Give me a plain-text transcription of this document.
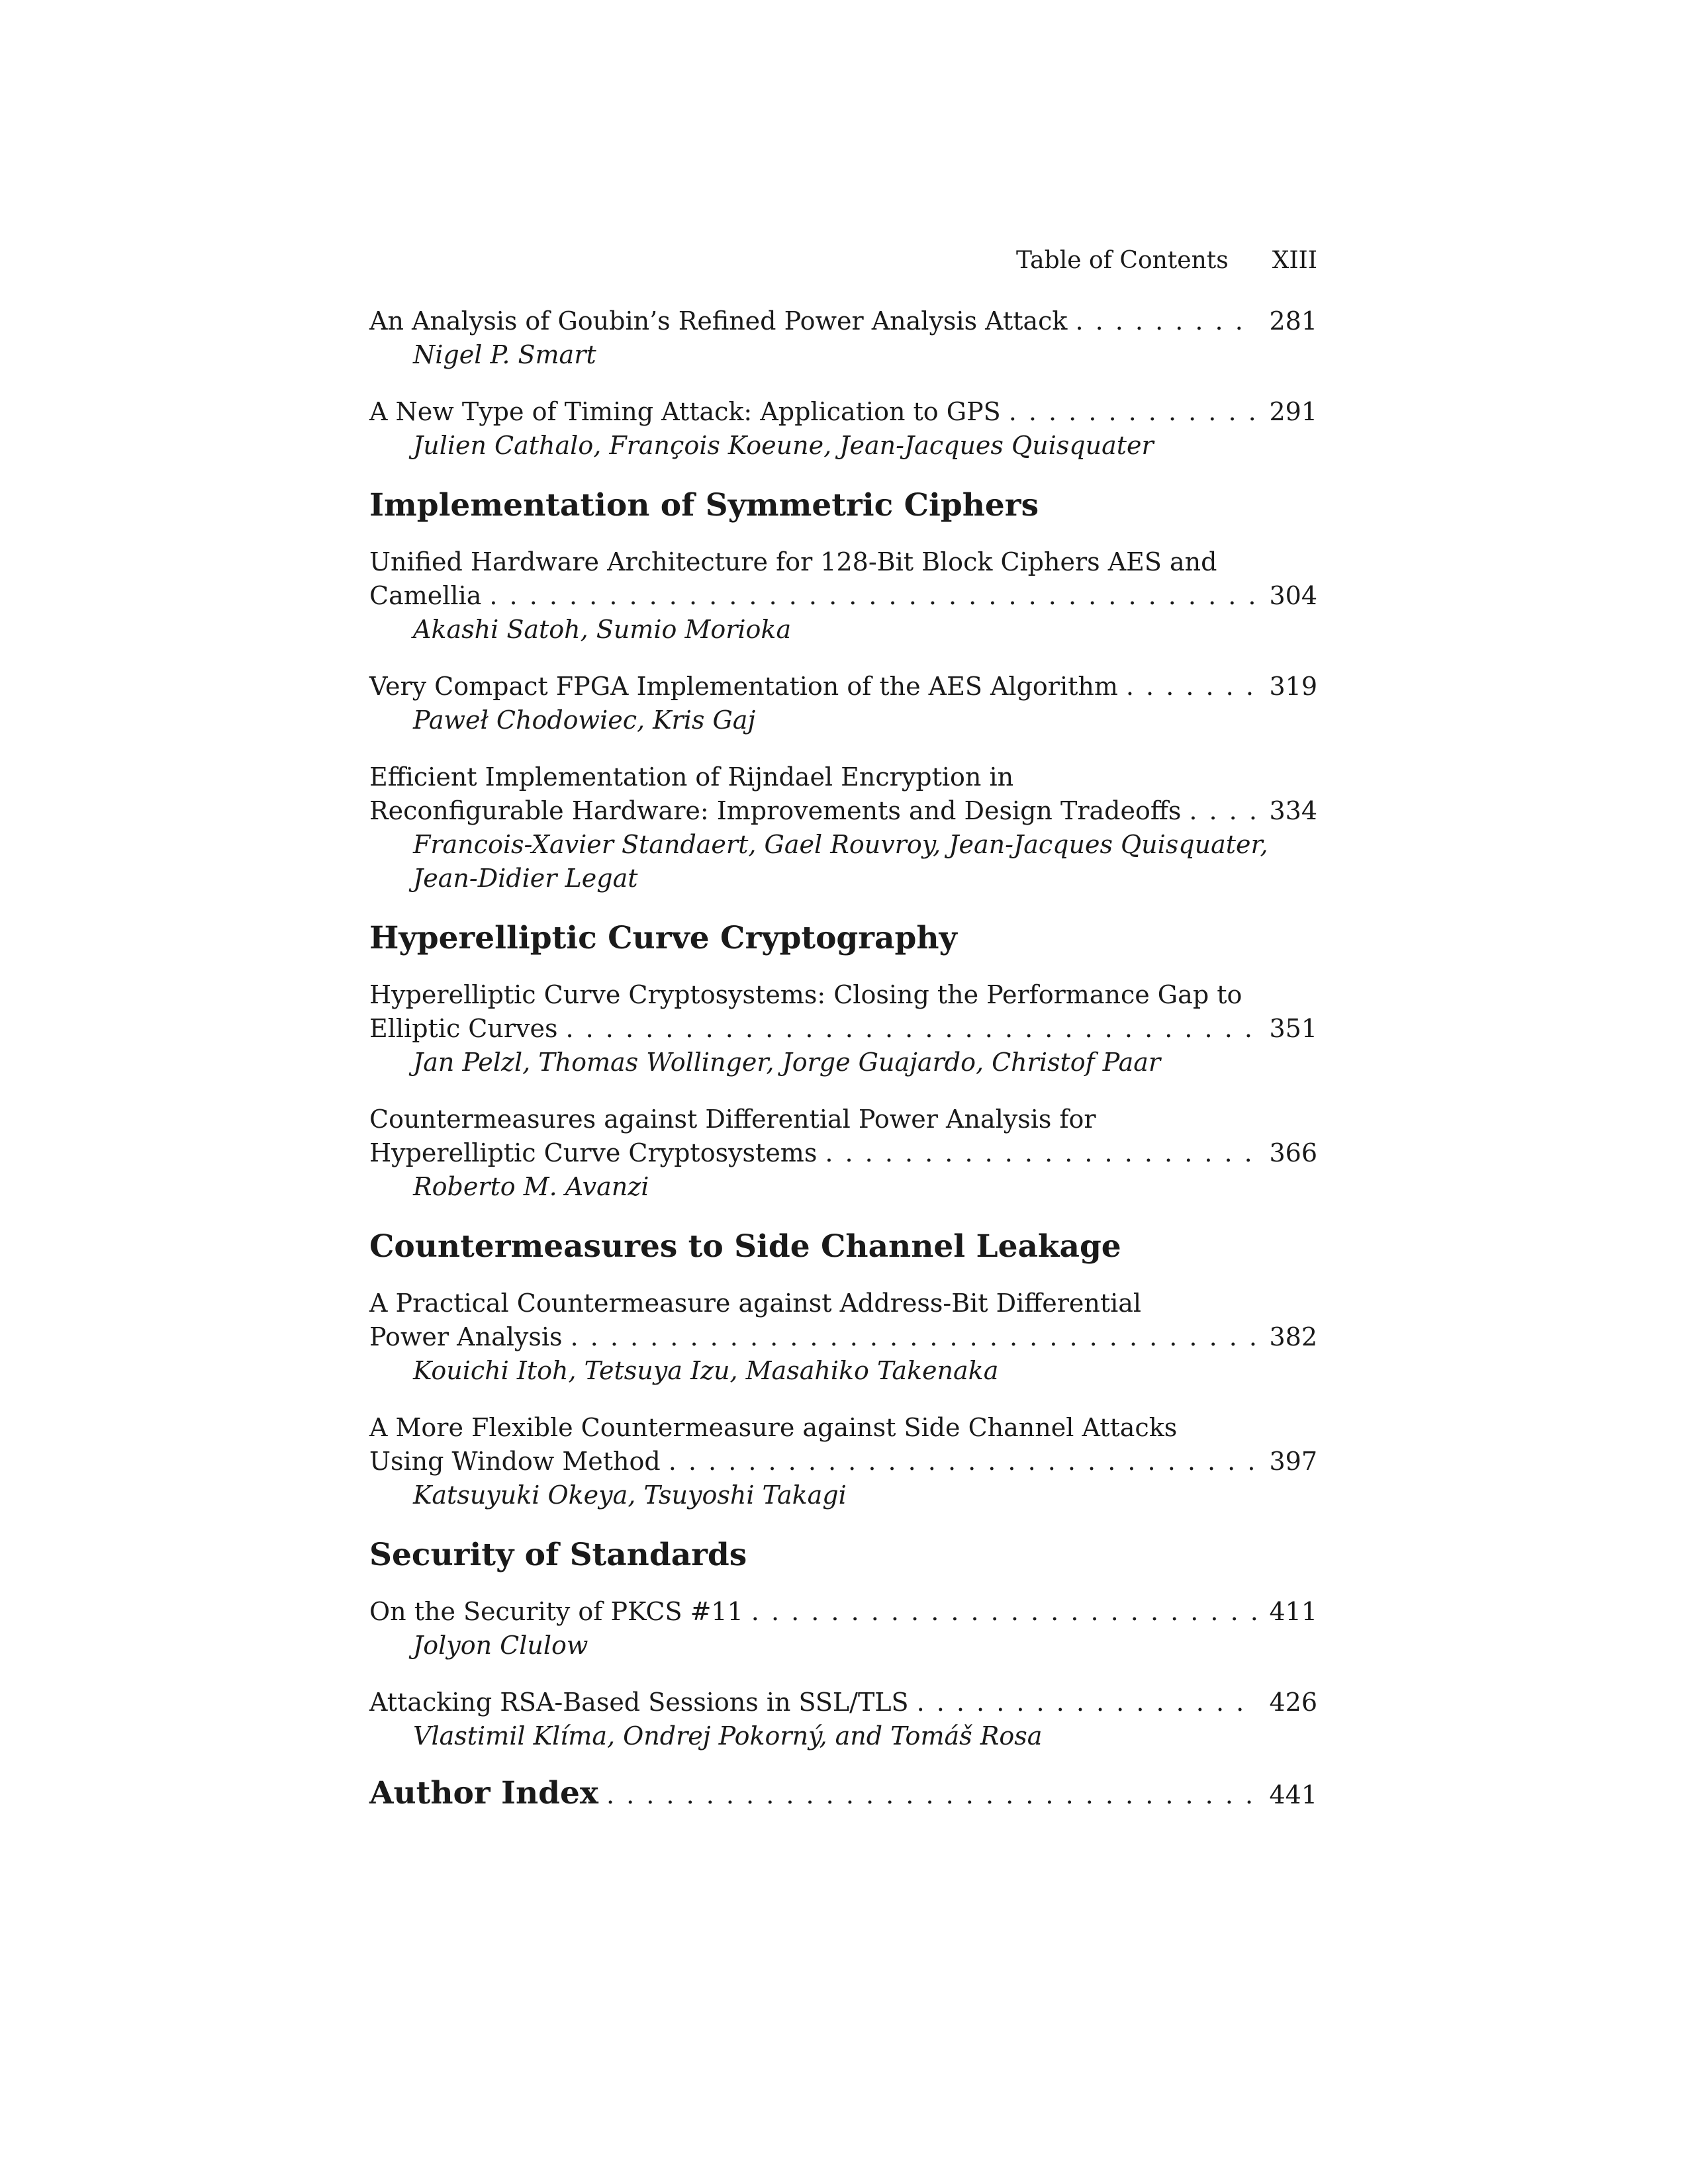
Table of Contents XIII
An Analysis of Goubin’s Refined Power Analysis Attack . . .	281
Nigel P. Smart
A New Type of Timing Attack: Application to GPS . . .	291
Julien Cathalo, François Koeune, Jean-Jacques Quisquater
Implementation of Symmetric Ciphers
Unified Hardware Architecture for 128-Bit Block Ciphers AES and
Camellia . . .	304
Akashi Satoh, Sumio Morioka
Very Compact FPGA Implementation of the AES Algorithm . . .	319
Paweł Chodowiec, Kris Gaj
Efficient Implementation of Rijndael Encryption in
Reconfigurable Hardware: Improvements and Design Tradeoffs . . .	334
Francois-Xavier Standaert, Gael Rouvroy, Jean-Jacques Quisquater,
Jean-Didier Legat
Hyperelliptic Curve Cryptography
Hyperelliptic Curve Cryptosystems: Closing the Performance Gap to
Elliptic Curves . . .	351
Jan Pelzl, Thomas Wollinger, Jorge Guajardo, Christof Paar
Countermeasures against Differential Power Analysis for
Hyperelliptic Curve Cryptosystems . . .	366
Roberto M. Avanzi
Countermeasures to Side Channel Leakage
A Practical Countermeasure against Address-Bit Differential
Power Analysis . . .	382
Kouichi Itoh, Tetsuya Izu, Masahiko Takenaka
A More Flexible Countermeasure against Side Channel Attacks
Using Window Method . . .	397
Katsuyuki Okeya, Tsuyoshi Takagi
Security of Standards
On the Security of PKCS #11 . . .	411
Jolyon Clulow
Attacking RSA-Based Sessions in SSL/TLS . . .	426
Vlastimil Klíma, Ondrej Pokorný, and Tomáš Rosa
Author Index . . .	441
